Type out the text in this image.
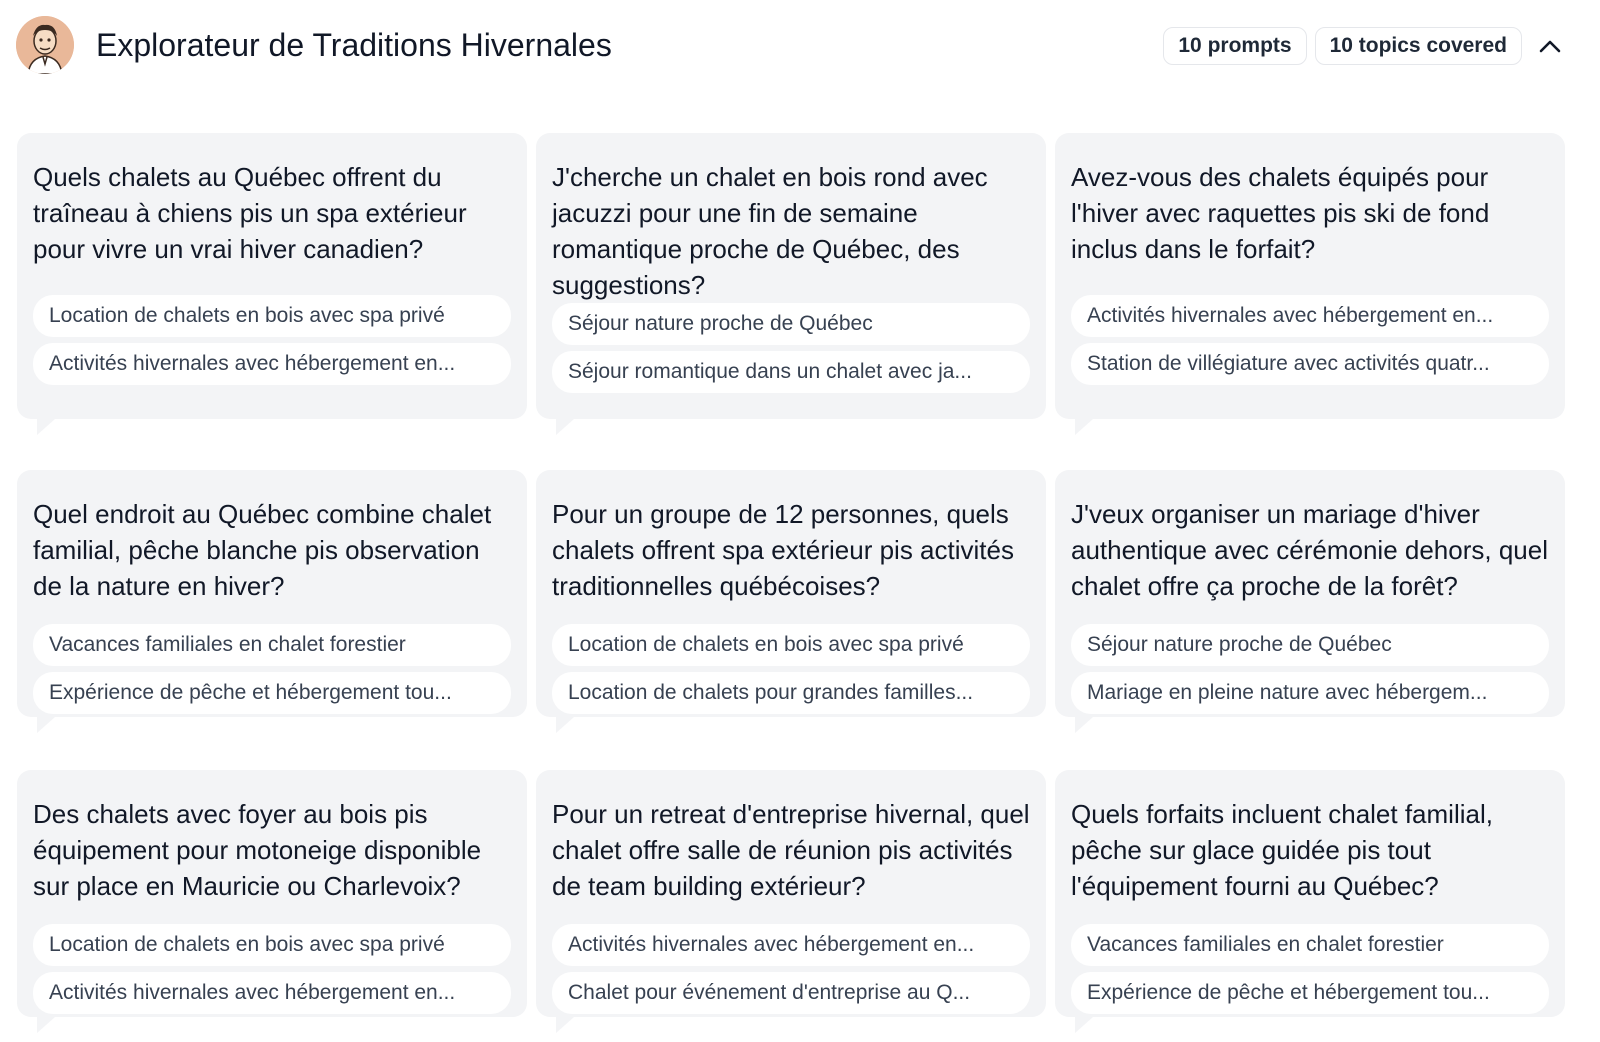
Explorateur de Traditions Hivernales	10 prompts	10 topics covered
Quels chalets au Québec offrent du traîneau à chiens pis un spa extérieur pour vivre un vrai hiver canadien?
Location de chalets en bois avec spa privé
Activités hivernales avec hébergement en...
J'cherche un chalet en bois rond avec jacuzzi pour une fin de semaine romantique proche de Québec, des suggestions?
Séjour nature proche de Québec
Séjour romantique dans un chalet avec ja...
Avez-vous des chalets équipés pour l'hiver avec raquettes pis ski de fond inclus dans le forfait?
Activités hivernales avec hébergement en...
Station de villégiature avec activités quatr...
Quel endroit au Québec combine chalet familial, pêche blanche pis observation de la nature en hiver?
Vacances familiales en chalet forestier
Expérience de pêche et hébergement tou...
Pour un groupe de 12 personnes, quels chalets offrent spa extérieur pis activités traditionnelles québécoises?
Location de chalets en bois avec spa privé
Location de chalets pour grandes familles...
J'veux organiser un mariage d'hiver authentique avec cérémonie dehors, quel chalet offre ça proche de la forêt?
Séjour nature proche de Québec
Mariage en pleine nature avec hébergem...
Des chalets avec foyer au bois pis équipement pour motoneige disponible sur place en Mauricie ou Charlevoix?
Location de chalets en bois avec spa privé
Activités hivernales avec hébergement en...
Pour un retreat d'entreprise hivernal, quel chalet offre salle de réunion pis activités de team building extérieur?
Activités hivernales avec hébergement en...
Chalet pour événement d'entreprise au Q...
Quels forfaits incluent chalet familial, pêche sur glace guidée pis tout l'équipement fourni au Québec?
Vacances familiales en chalet forestier
Expérience de pêche et hébergement tou...
